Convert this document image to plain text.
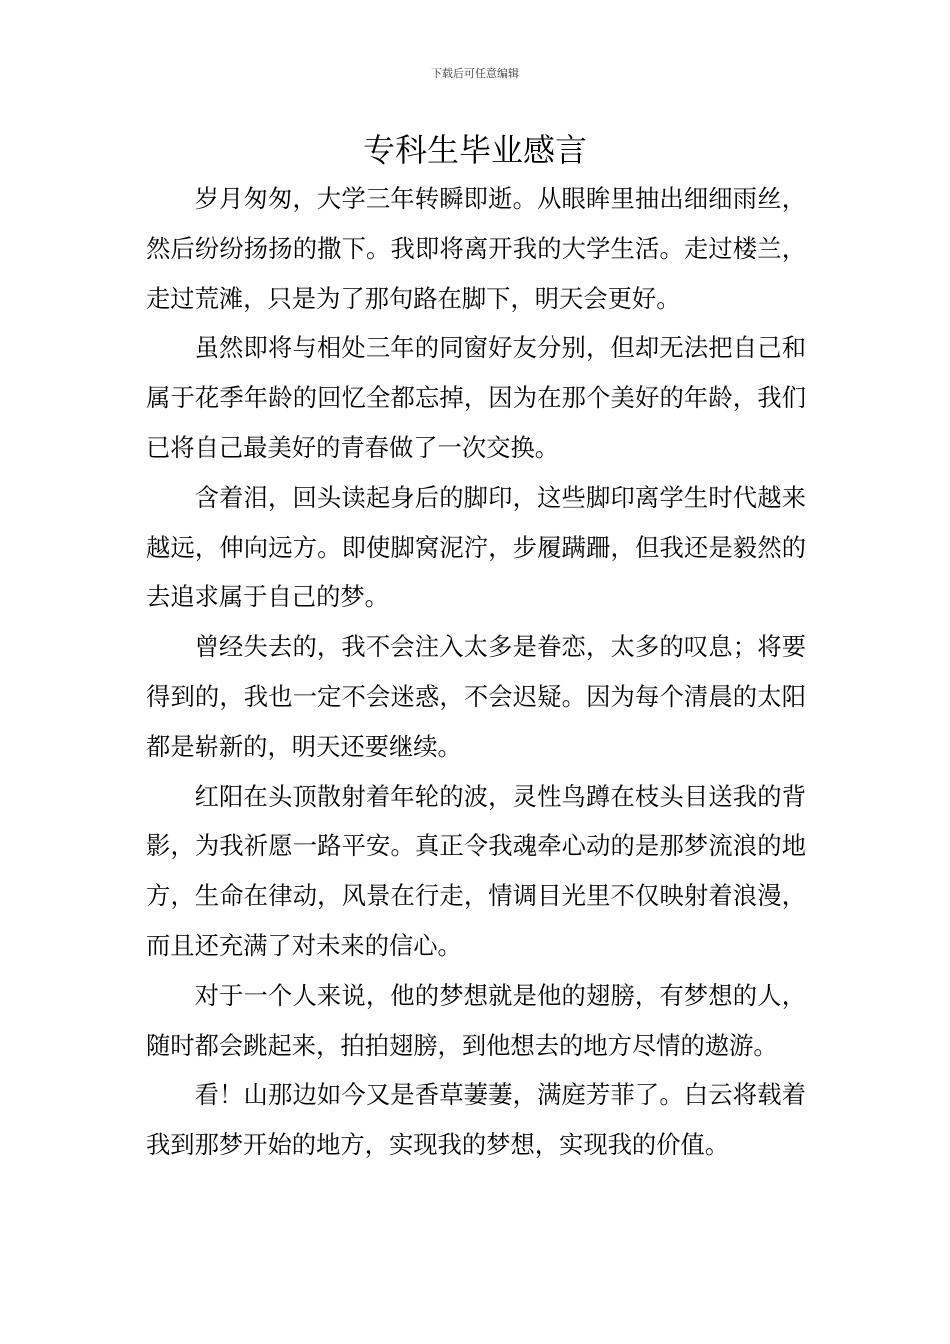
下载后可任意编辑
专科生毕业感言

岁月匆匆，大学三年转瞬即逝。从眼眸里抽出细细雨丝，然后纷纷扬扬的撒下。我即将离开我的大学生活。走过楼兰，走过荒滩，只是为了那句路在脚下，明天会更好。

虽然即将与相处三年的同窗好友分别，但却无法把自己和属于花季年龄的回忆全都忘掉，因为在那个美好的年龄，我们已将自己最美好的青春做了一次交换。

含着泪，回头读起身后的脚印，这些脚印离学生时代越来越远，伸向远方。即使脚窝泥泞，步履蹒跚，但我还是毅然的去追求属于自己的梦。

曾经失去的，我不会注入太多是眷恋，太多的叹息；将要得到的，我也一定不会迷惑，不会迟疑。因为每个清晨的太阳都是崭新的，明天还要继续。

红阳在头顶散射着年轮的波，灵性鸟蹲在枝头目送我的背影，为我祈愿一路平安。真正令我魂牵心动的是那梦流浪的地方，生命在律动，风景在行走，情调目光里不仅映射着浪漫，而且还充满了对未来的信心。

对于一个人来说，他的梦想就是他的翅膀，有梦想的人，随时都会跳起来，拍拍翅膀，到他想去的地方尽情的遨游。

看！山那边如今又是香草萋萋，满庭芳菲了。白云将载着我到那梦开始的地方，实现我的梦想，实现我的价值。
